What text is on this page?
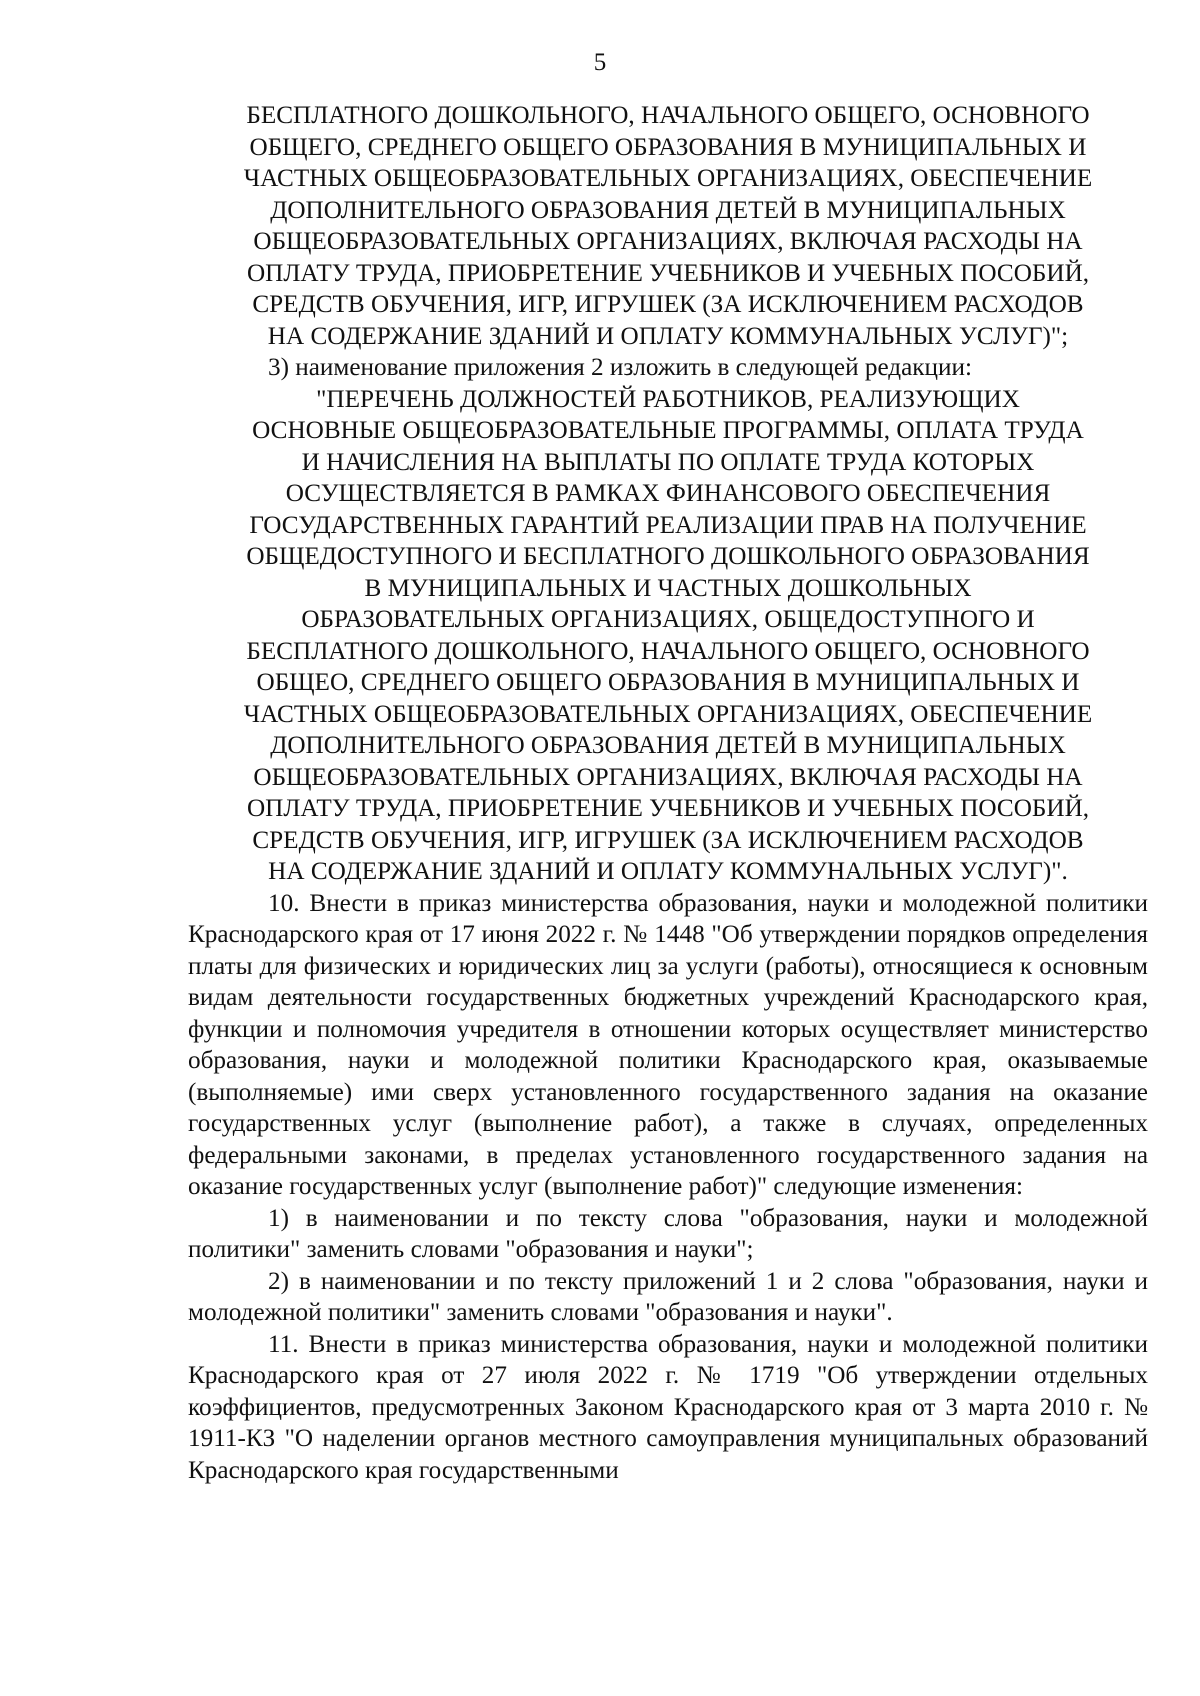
5

БЕСПЛАТНОГО ДОШКОЛЬНОГО, НАЧАЛЬНОГО ОБЩЕГО, ОСНОВНОГО

ОБЩЕГО, СРЕДНЕГО ОБЩЕГО ОБРАЗОВАНИЯ В МУНИЦИПАЛЬНЫХ И

ЧАСТНЫХ ОБЩЕОБРАЗОВАТЕЛЬНЫХ ОРГАНИЗАЦИЯХ, ОБЕСПЕЧЕНИЕ

ДОПОЛНИТЕЛЬНОГО ОБРАЗОВАНИЯ ДЕТЕЙ В МУНИЦИПАЛЬНЫХ

ОБЩЕОБРАЗОВАТЕЛЬНЫХ ОРГАНИЗАЦИЯХ, ВКЛЮЧАЯ РАСХОДЫ НА

ОПЛАТУ ТРУДА, ПРИОБРЕТЕНИЕ УЧЕБНИКОВ И УЧЕБНЫХ ПОСОБИЙ,

СРЕДСТВ ОБУЧЕНИЯ, ИГР, ИГРУШЕК (ЗА ИСКЛЮЧЕНИЕМ РАСХОДОВ

НА СОДЕРЖАНИЕ ЗДАНИЙ И ОПЛАТУ КОММУНАЛЬНЫХ УСЛУГ)";

3) наименование приложения 2 изложить в следующей редакции:

"ПЕРЕЧЕНЬ ДОЛЖНОСТЕЙ РАБОТНИКОВ, РЕАЛИЗУЮЩИХ

ОСНОВНЫЕ ОБЩЕОБРАЗОВАТЕЛЬНЫЕ ПРОГРАММЫ, ОПЛАТА ТРУДА

И НАЧИСЛЕНИЯ НА ВЫПЛАТЫ ПО ОПЛАТЕ ТРУДА КОТОРЫХ

ОСУЩЕСТВЛЯЕТСЯ В РАМКАХ ФИНАНСОВОГО ОБЕСПЕЧЕНИЯ

ГОСУДАРСТВЕННЫХ ГАРАНТИЙ РЕАЛИЗАЦИИ ПРАВ НА ПОЛУЧЕНИЕ

ОБЩЕДОСТУПНОГО И БЕСПЛАТНОГО ДОШКОЛЬНОГО ОБРАЗОВАНИЯ

В МУНИЦИПАЛЬНЫХ И ЧАСТНЫХ ДОШКОЛЬНЫХ

ОБРАЗОВАТЕЛЬНЫХ ОРГАНИЗАЦИЯХ, ОБЩЕДОСТУПНОГО И

БЕСПЛАТНОГО ДОШКОЛЬНОГО, НАЧАЛЬНОГО ОБЩЕГО, ОСНОВНОГО

ОБЩЕО, СРЕДНЕГО ОБЩЕГО ОБРАЗОВАНИЯ В МУНИЦИПАЛЬНЫХ И

ЧАСТНЫХ ОБЩЕОБРАЗОВАТЕЛЬНЫХ ОРГАНИЗАЦИЯХ, ОБЕСПЕЧЕНИЕ

ДОПОЛНИТЕЛЬНОГО ОБРАЗОВАНИЯ ДЕТЕЙ В МУНИЦИПАЛЬНЫХ

ОБЩЕОБРАЗОВАТЕЛЬНЫХ ОРГАНИЗАЦИЯХ, ВКЛЮЧАЯ РАСХОДЫ НА

ОПЛАТУ ТРУДА, ПРИОБРЕТЕНИЕ УЧЕБНИКОВ И УЧЕБНЫХ ПОСОБИЙ,

СРЕДСТВ ОБУЧЕНИЯ, ИГР, ИГРУШЕК (ЗА ИСКЛЮЧЕНИЕМ РАСХОДОВ

НА СОДЕРЖАНИЕ ЗДАНИЙ И ОПЛАТУ КОММУНАЛЬНЫХ УСЛУГ)".

10. Внести в приказ министерства образования, науки и молодежной политики Краснодарского края от 17 июня 2022 г. № 1448 "Об утверждении порядков определения платы для физических и юридических лиц за услуги (работы), относящиеся к основным видам деятельности государственных бюджетных учреждений Краснодарского края, функции и полномочия учредителя в отношении которых осуществляет министерство образования, науки и молодежной политики Краснодарского края, оказываемые (выполняемые) ими сверх установленного государственного задания на оказание государственных услуг (выполнение работ), а также в случаях, определенных федеральными законами, в пределах установленного государственного задания на оказание государственных услуг (выполнение работ)" следующие изменения:

1) в наименовании и по тексту слова "образования, науки и молодежной политики" заменить словами "образования и науки";

2) в наименовании и по тексту приложений 1 и 2 слова "образования, науки и молодежной политики" заменить словами "образования и науки".

11. Внести в приказ министерства образования, науки и молодежной политики Краснодарского края от 27 июля 2022 г. № 1719 "Об утверждении отдельных коэффициентов, предусмотренных Законом Краснодарского края от 3 марта 2010 г. № 1911-КЗ "О наделении органов местного самоуправления муниципальных образований Краснодарского края государственными
